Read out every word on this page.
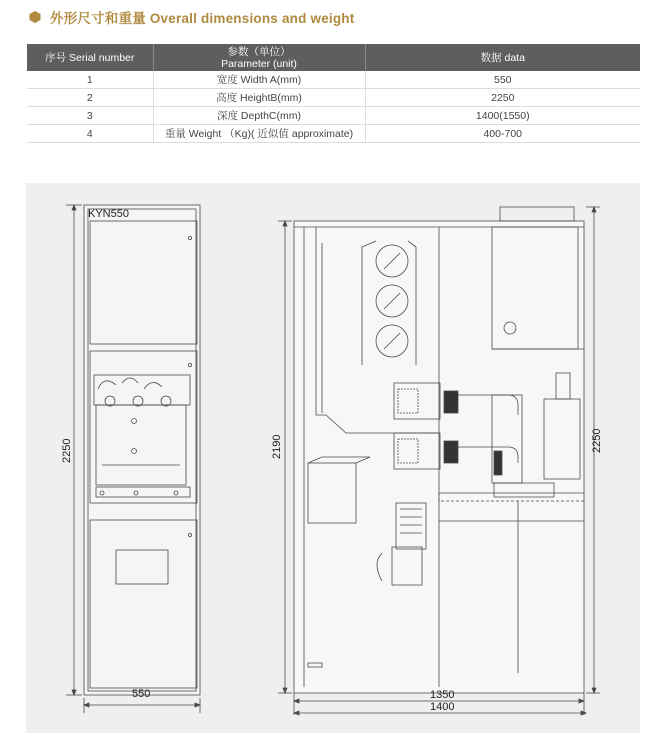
外形尺寸和重量 Overall dimensions and weight
序号 Serial number	参数（单位）
Parameter (unit)	数据 data
1	宽度 Width A(mm)	550
2	高度 HeightB(mm)	2250
3	深度 DepthC(mm)	1400(1550)
4	重量 Weight （Kg)( 近似值 approximate)	400-700
KYN550
550
2250	2250
2190
1350
1400
